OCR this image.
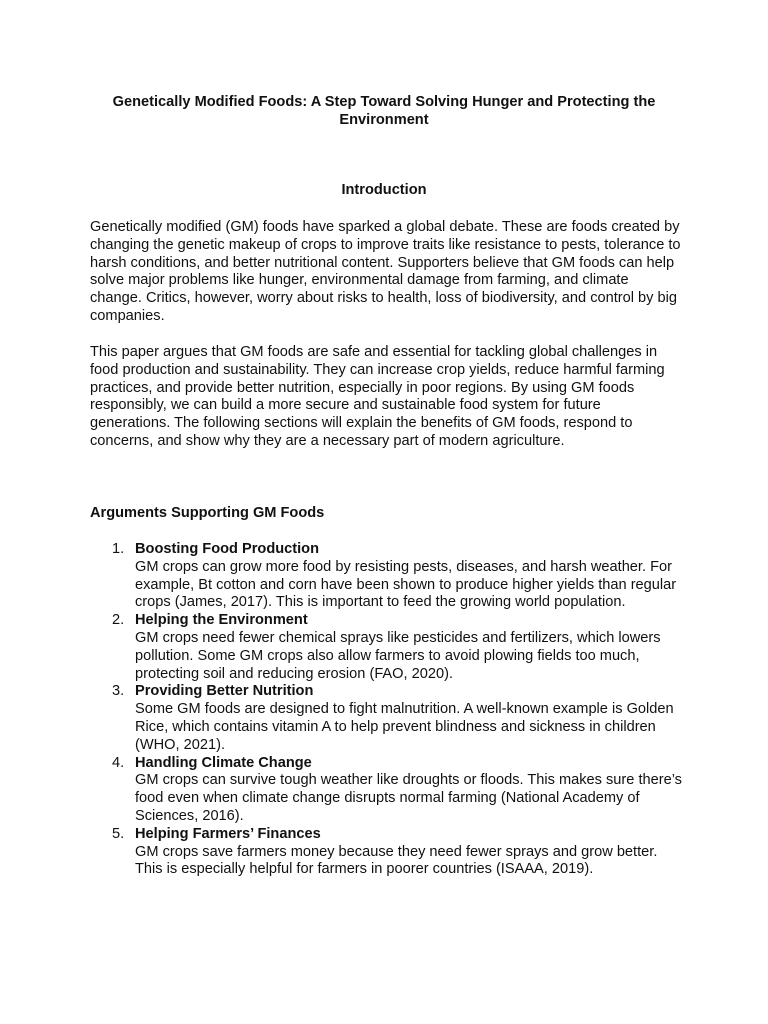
Genetically Modified Foods: A Step Toward Solving Hunger and Protecting the Environment
Introduction

Genetically modified (GM) foods have sparked a global debate. These are foods created by changing the genetic makeup of crops to improve traits like resistance to pests, tolerance to harsh conditions, and better nutritional content. Supporters believe that GM foods can help solve major problems like hunger, environmental damage from farming, and climate change. Critics, however, worry about risks to health, loss of biodiversity, and control by big companies.

This paper argues that GM foods are safe and essential for tackling global challenges in food production and sustainability. They can increase crop yields, reduce harmful farming practices, and provide better nutrition, especially in poor regions. By using GM foods responsibly, we can build a more secure and sustainable food system for future generations. The following sections will explain the benefits of GM foods, respond to concerns, and show why they are a necessary part of modern agriculture.

Arguments Supporting GM Foods
1. Boosting Food Production
GM crops can grow more food by resisting pests, diseases, and harsh weather. For example, Bt cotton and corn have been shown to produce higher yields than regular crops (James, 2017). This is important to feed the growing world population.
2. Helping the Environment
GM crops need fewer chemical sprays like pesticides and fertilizers, which lowers pollution. Some GM crops also allow farmers to avoid plowing fields too much, protecting soil and reducing erosion (FAO, 2020).
3. Providing Better Nutrition
Some GM foods are designed to fight malnutrition. A well-known example is Golden Rice, which contains vitamin A to help prevent blindness and sickness in children (WHO, 2021).
4. Handling Climate Change
GM crops can survive tough weather like droughts or floods. This makes sure there’s food even when climate change disrupts normal farming (National Academy of Sciences, 2016).
5. Helping Farmers’ Finances
GM crops save farmers money because they need fewer sprays and grow better. This is especially helpful for farmers in poorer countries (ISAAA, 2019).
